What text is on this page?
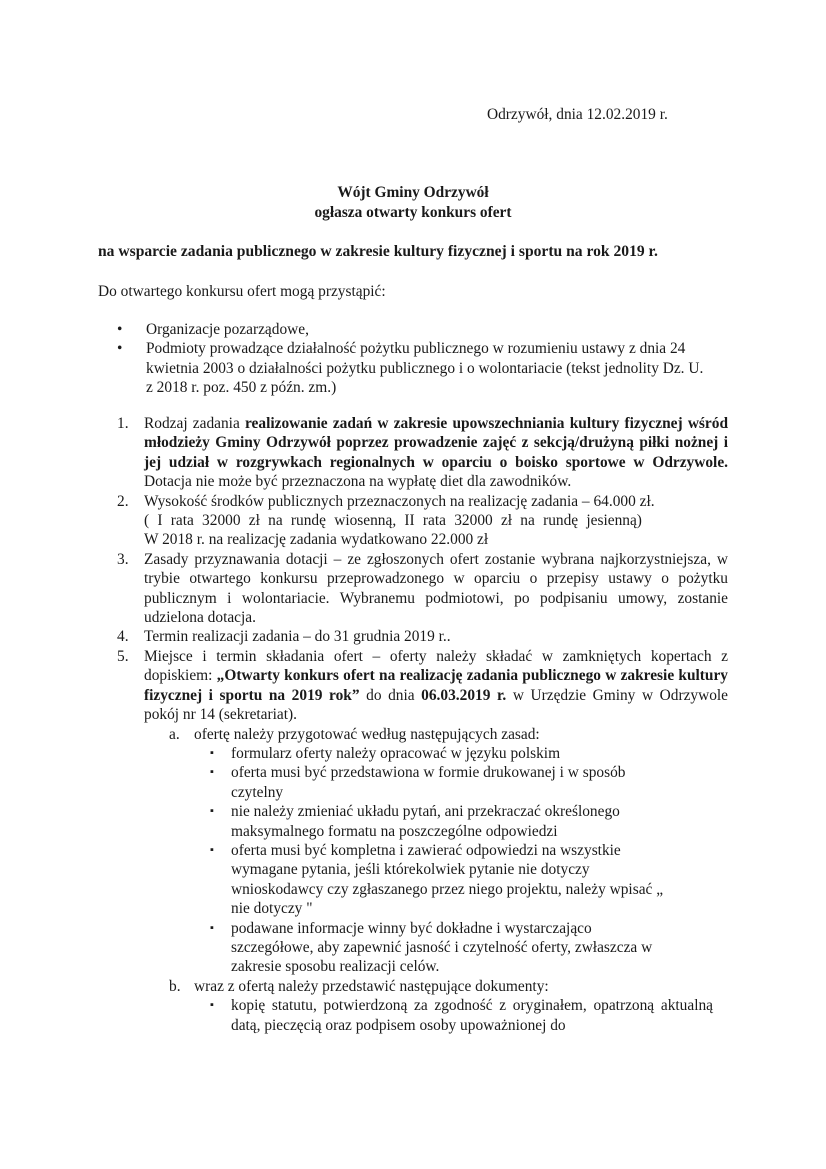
Odrzywół, dnia 12.02.2019 r.
Wójt Gminy Odrzywół
ogłasza otwarty konkurs ofert
na wsparcie zadania publicznego w zakresie kultury fizycznej i sportu na rok 2019 r.
Do otwartego konkursu ofert mogą przystąpić:
• Organizacje pozarządowe,
• Podmioty prowadzące działalność pożytku publicznego w rozumieniu ustawy z dnia 24 kwietnia 2003 o działalności pożytku publicznego i o wolontariacie (tekst jednolity Dz. U. z 2018 r. poz. 450 z późn. zm.)
1. Rodzaj zadania realizowanie zadań w zakresie upowszechniania kultury fizycznej wśród młodzieży Gminy Odrzywół poprzez prowadzenie zajęć z sekcją/drużyną piłki nożnej i jej udział w rozgrywkach regionalnych w oparciu o boisko sportowe w Odrzywole. Dotacja nie może być przeznaczona na wypłatę diet dla zawodników.
2. Wysokość środków publicznych przeznaczonych na realizację zadania – 64.000 zł.
( I rata 32000 zł na rundę wiosenną, II rata 32000 zł na rundę jesienną)
W 2018 r. na realizację zadania wydatkowano 22.000 zł
3. Zasady przyznawania dotacji – ze zgłoszonych ofert zostanie wybrana najkorzystniejsza, w trybie otwartego konkursu przeprowadzonego w oparciu o przepisy ustawy o pożytku publicznym i wolontariacie. Wybranemu podmiotowi, po podpisaniu umowy, zostanie udzielona dotacja.
4. Termin realizacji zadania – do 31 grudnia 2019 r..
5. Miejsce i termin składania ofert – oferty należy składać w zamkniętych kopertach z dopiskiem: „Otwarty konkurs ofert na realizację zadania publicznego w zakresie kultury fizycznej i sportu na 2019 rok” do dnia 06.03.2019 r. w Urzędzie Gminy w Odrzywole pokój nr 14 (sekretariat).
a. ofertę należy przygotować według następujących zasad:
▪ formularz oferty należy opracować w języku polskim
▪ oferta musi być przedstawiona w formie drukowanej i w sposób czytelny
▪ nie należy zmieniać układu pytań, ani przekraczać określonego maksymalnego formatu na poszczególne odpowiedzi
▪ oferta musi być kompletna i zawierać odpowiedzi na wszystkie wymagane pytania, jeśli którekolwiek pytanie nie dotyczy wnioskodawcy czy zgłaszanego przez niego projektu, należy wpisać „ nie dotyczy "
▪ podawane informacje winny być dokładne i wystarczająco szczegółowe, aby zapewnić jasność i czytelność oferty, zwłaszcza w zakresie sposobu realizacji celów.
b. wraz z ofertą należy przedstawić następujące dokumenty:
▪ kopię statutu, potwierdzoną za zgodność z oryginałem, opatrzoną aktualną datą, pieczęcią oraz podpisem osoby upoważnionej do
